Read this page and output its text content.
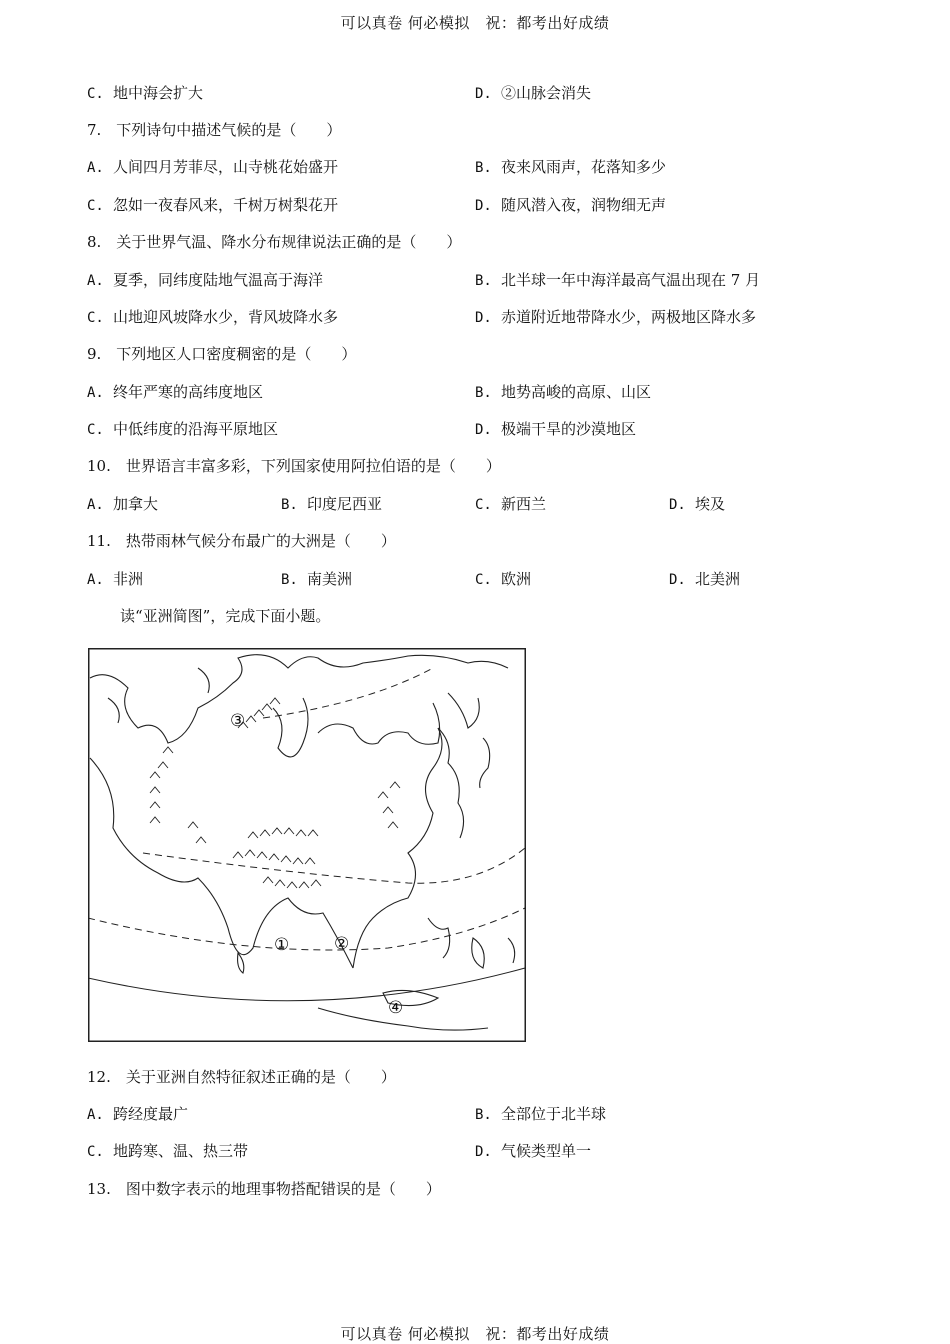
可以真卷 何必模拟　祝：都考出好成绩
C. 地中海会扩大	D. ②山脉会消失
7.　下列诗句中描述气候的是（　　）
A. 人间四月芳菲尽，山寺桃花始盛开	B. 夜来风雨声，花落知多少
C. 忽如一夜春风来，千树万树梨花开	D. 随风潜入夜，润物细无声
8.　关于世界气温、降水分布规律说法正确的是（　　）
A. 夏季，同纬度陆地气温高于海洋	B. 北半球一年中海洋最高气温出现在 7 月
C. 山地迎风坡降水少，背风坡降水多	D. 赤道附近地带降水少，两极地区降水多
9.　下列地区人口密度稠密的是（　　）
A. 终年严寒的高纬度地区	B. 地势高峻的高原、山区
C. 中低纬度的沿海平原地区	D. 极端干旱的沙漠地区
10.　世界语言丰富多彩，下列国家使用阿拉伯语的是（　　）
A. 加拿大	B. 印度尼西亚	C. 新西兰	D. 埃及
11.　热带雨林气候分布最广的大洲是（　　）
A. 非洲	B. 南美洲	C. 欧洲	D. 北美洲
读“亚洲简图”，完成下面小题。
③
①	②
④
12.　关于亚洲自然特征叙述正确的是（　　）
A. 跨经度最广	B. 全部位于北半球
C. 地跨寒、温、热三带	D. 气候类型单一
13.　图中数字表示的地理事物搭配错误的是（　　）
可以真卷 何必模拟　祝：都考出好成绩
